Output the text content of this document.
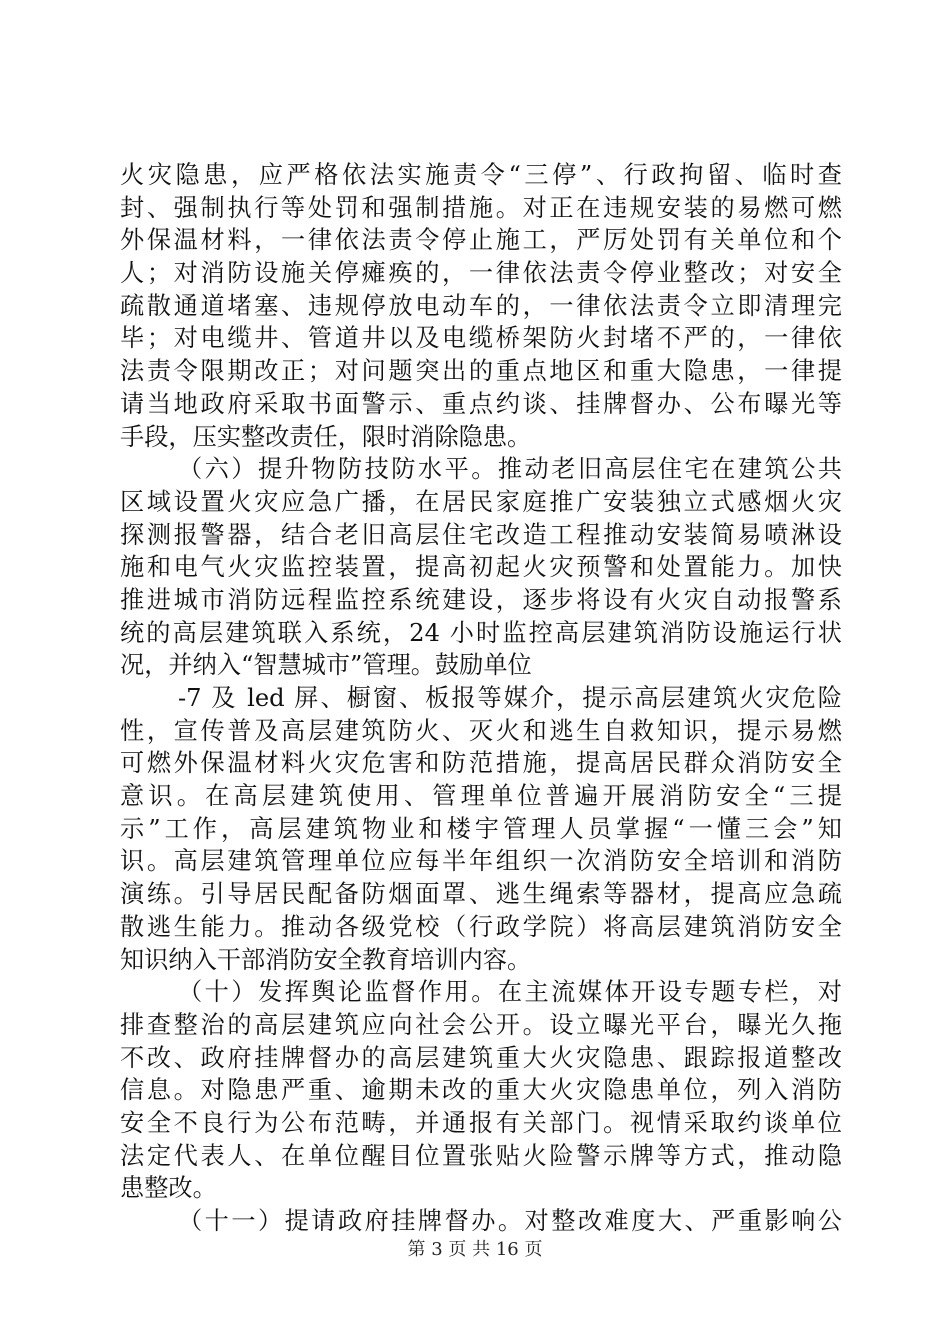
火灾隐患，应严格依法实施责令“三停”、行政拘留、临时查
封、强制执行等处罚和强制措施。对正在违规安装的易燃可燃
外保温材料，一律依法责令停止施工，严厉处罚有关单位和个
人；对消防设施关停瘫痪的，一律依法责令停业整改；对安全
疏散通道堵塞、违规停放电动车的，一律依法责令立即清理完
毕；对电缆井、管道井以及电缆桥架防火封堵不严的，一律依
法责令限期改正；对问题突出的重点地区和重大隐患，一律提
请当地政府采取书面警示、重点约谈、挂牌督办、公布曝光等
手段，压实整改责任，限时消除隐患。
（六）提升物防技防水平。推动老旧高层住宅在建筑公共
区域设置火灾应急广播，在居民家庭推广安装独立式感烟火灾
探测报警器，结合老旧高层住宅改造工程推动安装简易喷淋设
施和电气火灾监控装置，提高初起火灾预警和处置能力。加快
推进城市消防远程监控系统建设，逐步将设有火灾自动报警系
统的高层建筑联入系统，24 小时监控高层建筑消防设施运行状
况，并纳入“智慧城市”管理。鼓励单位
-7 及 led 屏、橱窗、板报等媒介，提示高层建筑火灾危险
性，宣传普及高层建筑防火、灭火和逃生自救知识，提示易燃
可燃外保温材料火灾危害和防范措施，提高居民群众消防安全
意识。在高层建筑使用、管理单位普遍开展消防安全“三提
示”工作，高层建筑物业和楼宇管理人员掌握“一懂三会”知
识。高层建筑管理单位应每半年组织一次消防安全培训和消防
演练。引导居民配备防烟面罩、逃生绳索等器材，提高应急疏
散逃生能力。推动各级党校（行政学院）将高层建筑消防安全
知识纳入干部消防安全教育培训内容。
（十）发挥舆论监督作用。在主流媒体开设专题专栏，对
排查整治的高层建筑应向社会公开。设立曝光平台，曝光久拖
不改、政府挂牌督办的高层建筑重大火灾隐患、跟踪报道整改
信息。对隐患严重、逾期未改的重大火灾隐患单位，列入消防
安全不良行为公布范畴，并通报有关部门。视情采取约谈单位
法定代表人、在单位醒目位置张贴火险警示牌等方式，推动隐
患整改。
（十一）提请政府挂牌督办。对整改难度大、严重影响公
第 3 页 共 16 页
